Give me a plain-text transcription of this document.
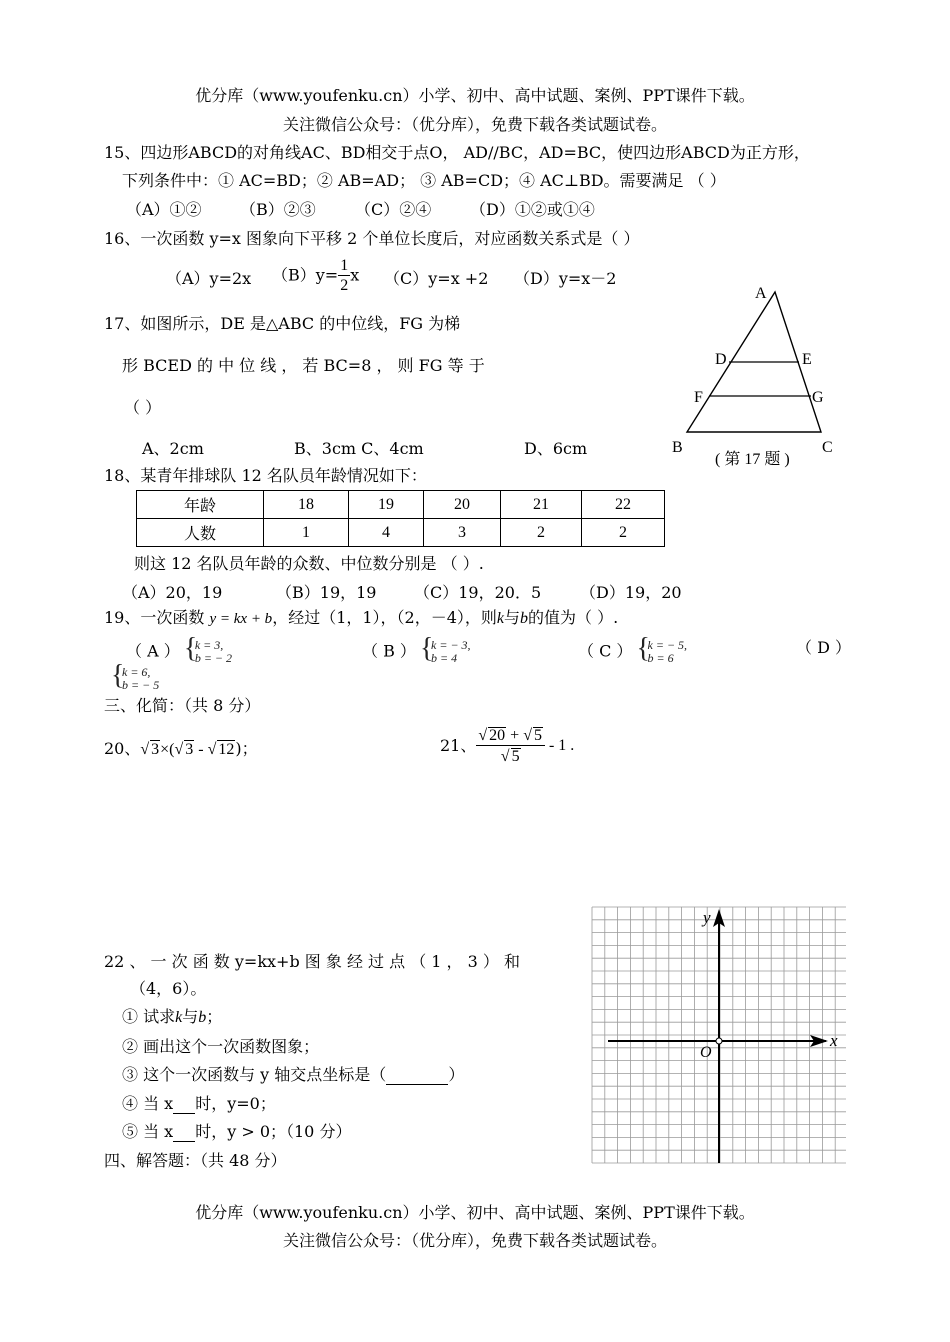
优分库（www.youfenku.cn）小学、初中、高中试题、案例、PPT课件下载。
关注微信公众号：（优分库），免费下载各类试题试卷。
15、四边形ABCD的对角线AC、BD相交于点O， AD//BC，AD=BC，使四边形ABCD为正方形，
下列条件中：① AC=BD；② AB=AD； ③ AB=CD；④ AC⊥BD。需要满足 （ ）
（A）①② （B）②③ （C）②④ （D）①②或①④
16、一次函数 y=x 图象向下平移 2 个单位长度后，对应函数关系式是（ ）
（A）y=2x $(B)y= \frac{1}{2}$ x （C）y=x +2 （D）y=x－2
17、如图所示，DE 是△ABC 的中位线，FG 为梯
形 BCED 的 中 位 线 ， 若 BC=8 ， 则 FG 等 于
（ ）
A、2cm	B、3cm C、4cm	D、6cm
A
D	E
F	G
B	C
( 第 17 题 )
18、某青年排球队 12 名队员年龄情况如下：
年龄	18	19	20	21	22
人数	1	4	3	2	2
则这 12 名队员年龄的众数、中位数分别是 （ ）.
（A）20，19	（B）19，19 （C）19，20．5 （D）19，20
19、一次函数 y = kx + b，经过（1，1），（2，－4），则k与b的值为（ ）.
（ A ） { k = 3,
b = − 2	（ B ） { k = − 3,
b = 4	（ C ） { k = − 5,
b = 6
（ D ）
{ k = 6,
b = − 5
三、化简：（共 8 分）
20、√ 3×(√ 3 - √ 12)；	21、 $\frac{√ 20 + √ 5}{√ 5} - 1$ .
22 、 一 次 函 数 y=kx+b 图 象 经 过 点 （ 1 ， 3 ） 和
（4，6）。
① 试求k与b；
② 画出这个一次函数图象；
③ 这个一次函数与 y 轴交点坐标是（	）
④ 当 x 时，y=0；
⑤ 当 x 时，y > 0；（10 分）
x
y
O
四、解答题：（共 48 分）
优分库（www.youfenku.cn）小学、初中、高中试题、案例、PPT课件下载。
关注微信公众号：（优分库），免费下载各类试题试卷。
